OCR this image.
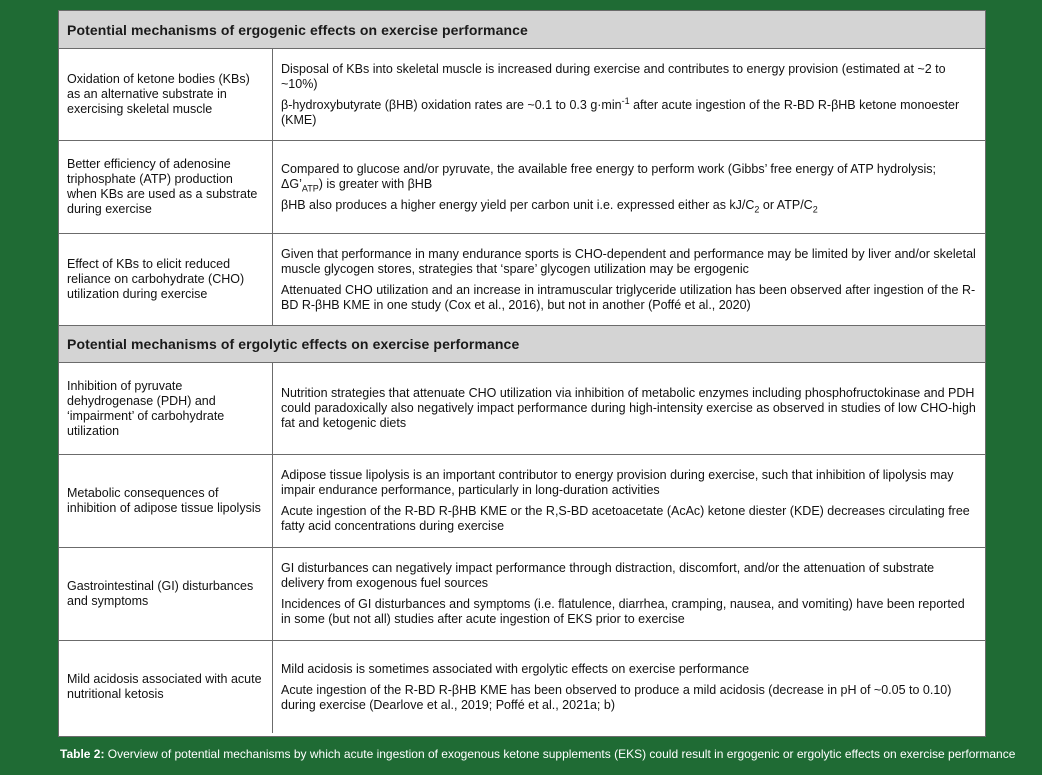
Potential mechanisms of ergogenic effects on exercise performance
Oxidation of ketone bodies (KBs) as an alternative substrate in exercising skeletal muscle

Disposal of KBs into skeletal muscle is increased during exercise and contributes to energy provision (estimated at ~2 to ~10%)

β-hydroxybutyrate (βHB) oxidation rates are ~0.1 to 0.3 $g\cdot\min^{-1}$ after acute ingestion of the R-BD R-βHB ketone monoester (KME)

Better efficiency of adenosine triphosphate (ATP) production when KBs are used as a substrate during exercise

Compared to glucose and/or pyruvate, the available free energy to perform work (Gibbs’ free energy of ATP hydrolysis; $\Delta G’_{ATP}$) is greater with βHB

βHB also produces a higher energy yield per carbon unit i.e. expressed either as $kJ/C_2$ or ATP/$C_2$

Effect of KBs to elicit reduced reliance on carbohydrate (CHO) utilization during exercise

Given that performance in many endurance sports is CHO-dependent and performance may be limited by liver and/or skeletal muscle glycogen stores, strategies that ‘spare’ glycogen utilization may be ergogenic

Attenuated CHO utilization and an increase in intramuscular triglyceride utilization has been observed after ingestion of the R-BD R-βHB KME in one study (Cox et al., 2016), but not in another (Poffé et al., 2020)

Potential mechanisms of ergolytic effects on exercise performance
Inhibition of pyruvate dehydrogenase (PDH) and ‘impairment’ of carbohydrate utilization

Nutrition strategies that attenuate CHO utilization via inhibition of metabolic enzymes including phosphofructokinase and PDH could paradoxically also negatively impact performance during high-intensity exercise as observed in studies of low CHO-high fat and ketogenic diets

Metabolic consequences of inhibition of adipose tissue lipolysis

Adipose tissue lipolysis is an important contributor to energy provision during exercise, such that inhibition of lipolysis may impair endurance performance, particularly in long-duration activities

Acute ingestion of the R-BD R-βHB KME or the R,S-BD acetoacetate (AcAc) ketone diester (KDE) decreases circulating free fatty acid concentrations during exercise

Gastrointestinal (GI) disturbances and symptoms

GI disturbances can negatively impact performance through distraction, discomfort, and/or the attenuation of substrate delivery from exogenous fuel sources

Incidences of GI disturbances and symptoms (i.e. flatulence, diarrhea, cramping, nausea, and vomiting) have been reported in some (but not all) studies after acute ingestion of EKS prior to exercise

Mild acidosis associated with acute nutritional ketosis

Mild acidosis is sometimes associated with ergolytic effects on exercise performance

Acute ingestion of the R-BD R-βHB KME has been observed to produce a mild acidosis (decrease in pH of ~0.05 to 0.10) during exercise (Dearlove et al., 2019; Poffé et al., 2021a; b)

Table 2: Overview of potential mechanisms by which acute ingestion of exogenous ketone supplements (EKS) could result in ergogenic or ergolytic effects on exercise performance
